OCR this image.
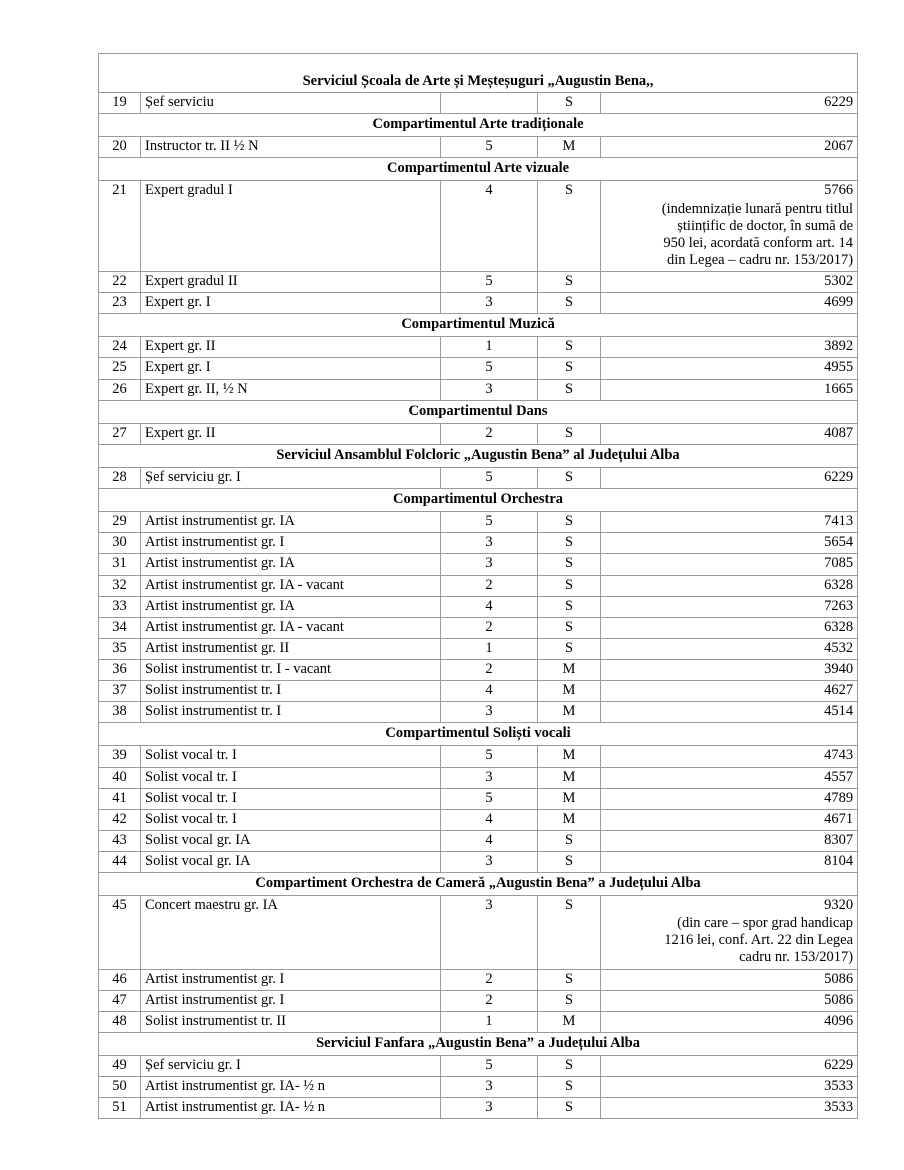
Serviciul Școala de Arte și Meșteșuguri „Augustin Bena,,				
19	Șef serviciu		S	6229
Compartimentul Arte tradiționale				
20	Instructor tr. II ½ N	5	M	2067
Compartimentul Arte vizuale				
21	Expert gradul I	4	S	5766
(indemnizație lunară pentru titlul
științific de doctor, în sumă de
950 lei, acordată conform art. 14
din Legea – cadru nr. 153/2017)

22	Expert gradul II	5	S	5302
23	Expert gr. I	3	S	4699
Compartimentul Muzică				
24	Expert gr. II	1	S	3892
25	Expert gr. I	5	S	4955
26	Expert gr. II, ½ N	3	S	1665
Compartimentul Dans				
27	Expert gr. II	2	S	4087
Serviciul Ansamblul Folcloric „Augustin Bena” al Județului Alba				
28	Șef serviciu gr. I	5	S	6229
Compartimentul Orchestra				
29	Artist instrumentist gr. IA	5	S	7413
30	Artist instrumentist gr. I	3	S	5654
31	Artist instrumentist gr. IA	3	S	7085
32	Artist instrumentist gr. IA - vacant	2	S	6328
33	Artist instrumentist gr. IA	4	S	7263
34	Artist instrumentist gr. IA - vacant	2	S	6328
35	Artist instrumentist gr. II	1	S	4532
36	Solist instrumentist tr. I - vacant	2	M	3940
37	Solist instrumentist tr. I	4	M	4627
38	Solist instrumentist tr. I	3	M	4514
Compartimentul Soliști vocali				
39	Solist vocal tr. I	5	M	4743
40	Solist vocal tr. I	3	M	4557
41	Solist vocal tr. I	5	M	4789
42	Solist vocal tr. I	4	M	4671
43	Solist vocal gr. IA	4	S	8307
44	Solist vocal gr. IA	3	S	8104
Compartiment Orchestra de Cameră „Augustin Bena” a Județului Alba				
45	Concert maestru gr. IA	3	S	9320
(din care – spor grad handicap
1216 lei, conf. Art. 22 din Legea
cadru nr. 153/2017)

46	Artist instrumentist gr. I	2	S	5086
47	Artist instrumentist gr. I	2	S	5086
48	Solist instrumentist tr. II	1	M	4096
Serviciul Fanfara „Augustin Bena” a Județului Alba				
49	Șef serviciu gr. I	5	S	6229
50	Artist instrumentist gr. IA- ½ n	3	S	3533
51	Artist instrumentist gr. IA- ½ n	3	S	3533
